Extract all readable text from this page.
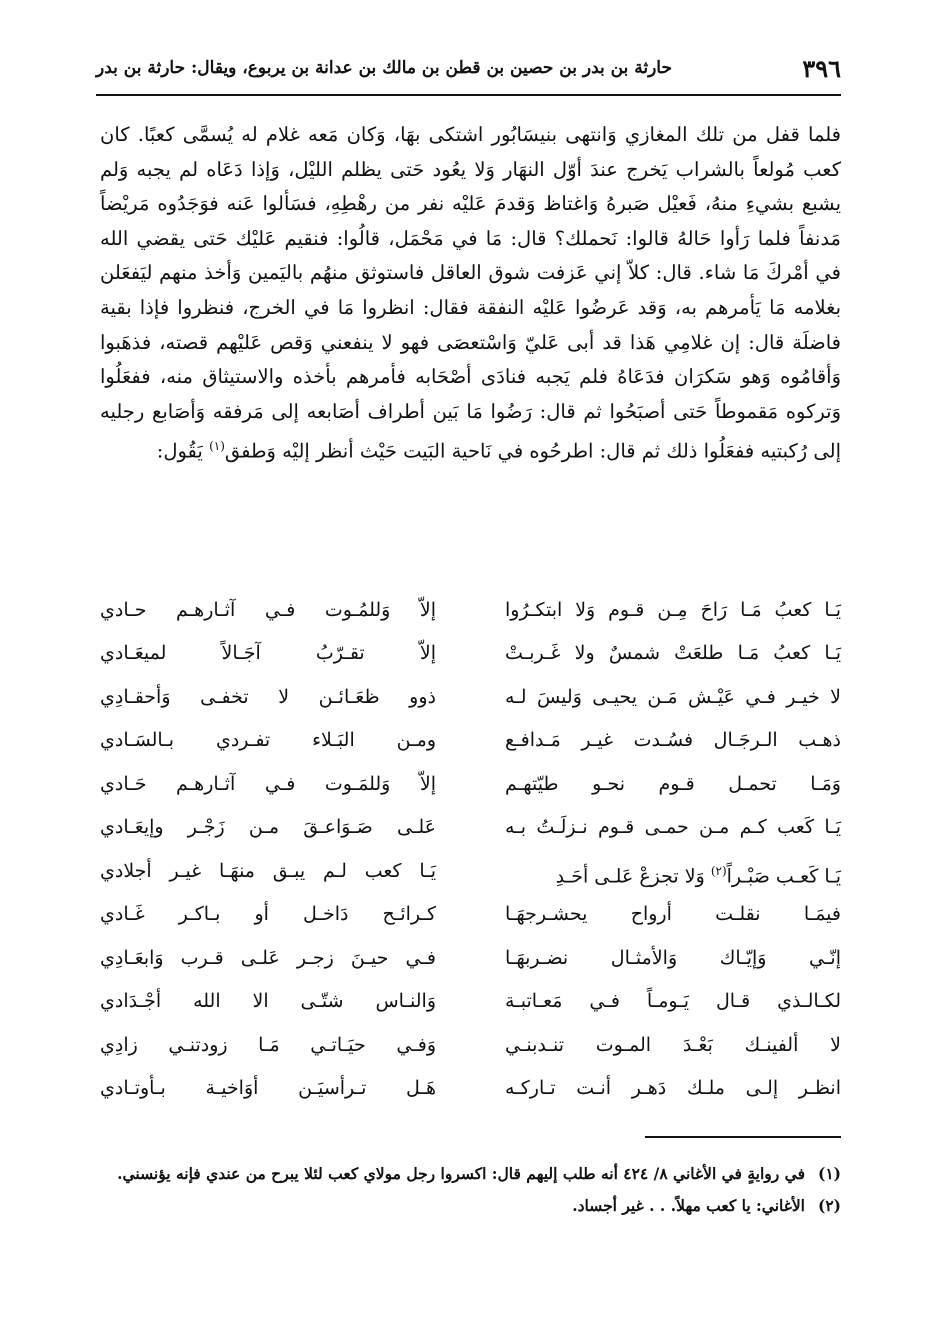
٣٩٦
حارثة بن بدر بن حصين بن قطن بن مالك بن عدانة بن يربوع، ويقال: حارثة بن بدر

فلما قفل من تلك المغازي وَانتهى بنيسَابُور اشتكى بهَا، وَكان مَعه غلام له يُسمَّى كعبًا. كان كعب مُولعاً بالشراب يَخرج عندَ أوّل النهَار وَلا يعُود حَتى يظلم الليْل، وَإذا دَعَاه لم يجبه وَلم يشبع بشيءِ منهُ، فَعيْل صَبرهُ وَاغتاظ وَقدمَ عَليْه نفر من رهْطِهِ، فسَألوا عَنه فوَجَدُوه مَريْضاً مَدنفاً فلما رَأوا حَالهُ قالوا: نَحملك؟ قال: مَا في مَحْمَل، قالُوا: فنقيم عَليْك حَتى يقضي الله في أمْركَ مَا شاء. قال: كلاّ إني عَزفت شوق العاقل فاستوثق منهُم باليَمين وَأخذ منهم ليَفعَلن بغلامه مَا يَأمرهم به، وَقد عَرضُوا عَليْه النفقة فقال: انظروا مَا في الخرج، فنظروا فإذا بقية فاضلَة قال: إن غلامِي هَذا قد أبى عَليّ وَاسْتعصَى فهو لا ينفعني وَقص عَليْهم قصته، فذهَبوا وَأقامُوه وَهو سَكرَان فدَعَاهُ فلم يَجبه فنادَى أصْحَابه فأمرهم بأخذه والاستيثاق منه، ففعَلُوا وَتركوه مَقموطاً حَتى أصبَحُوا ثم قال: رَضُوا مَا بَين أطراف أصَابعه إلى مَرفقه وَأصَابع رجليه إلى رُكبتيه ففعَلُوا ذلك ثم قال: اطرحُوه في نَاحية البَيت حَيْث أنظر إليْه وَطفق$^{(١)}$ يَقُول:

يَـا كعبُ مَـا رَاحَ مِـن قـوم وَلا ابتكـرُوا
إلاّ وَللمُـوت فـي آثـارهـم حـادي
يَـا كعبُ مَـا طلعَتْ شمسٌ ولا غَـربـتْ
إلاّ تقـرّبُ آجَـالاً لميعَـادي
لا خيـر فـي عَيْـش مَـن يحيـى وَليسَ لـه
ذوو ظعَـائـن لا تخفـى وَأحقـادِي
ذهـب الـرجَـال فسُـدت غيـر مَـدافـع
ومـن البَـلاء تفـردي بـالسَـادي
وَمَـا تحمـل قـوم نحـو طيّتهـم
إلاّ وَللمَـوت فـي آثـارهـم حَـادي
يَـا كَعب كـم مـن حمـى قـوم نـزلَـتُ بـه
عَلـى صَـوَاعـقَ مـن زَجْـر وإيعَـادي
يَـا كَعـب صَبْـراً$^{(٢)}$ وَلا تجزعْ عَلـى أحَـدِ
يَـا كعب لـم يبـق منهَـا غيـر أجلادي
فيمَـا نقلـت أرواح يحشـرجهَـا
كـرائـح دَاخـل أو بـاكـر غَـادي
إنّـي وَإيّـاك وَالأمثـال نضـربهَـا
فـي حيـنَ زجـر عَلـى قـرب وَابعَـادِي
لكـالـذي قـال يَـومـاً فـي مَعـاتبـة
وَالنـاس شتّـى الا الله أجْـدَادي
لا ألفينـك بَعْـدَ المـوت تنـدبنـي
وَفـي حيَـاتـي مَـا زودتنـي زادِي
انظـر إلـى ملـك دَهـر أنـت تـاركـه
هَـل تـرأسيَـن أوَاخيـة بـأوتـادي

(١)
في روايةٍ في الأغاني ٨/ ٤٢٤ أنه طلب إليهم قال: اكسروا رجل مولاي كعب لئلا يبرح من عندي فإنه يؤنسني.

(٢)
الأغاني: يا كعب مهلاً. . . غير أجساد.
